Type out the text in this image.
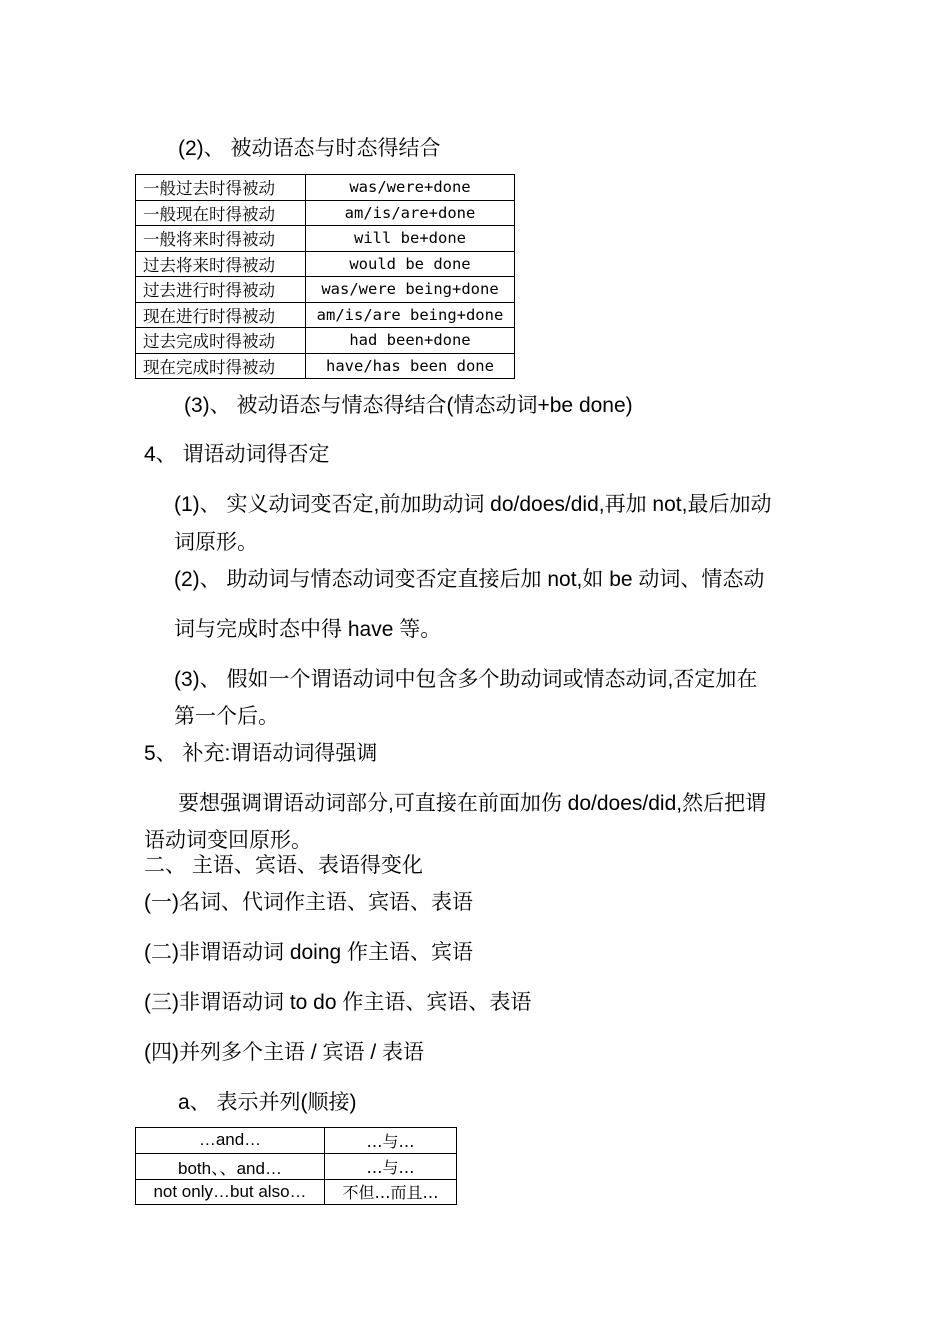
(2)、 被动语态与时态得结合
一般过去时得被动	was/were+done
一般现在时得被动	am/is/are+done
一般将来时得被动	will be+done
过去将来时得被动	would be done
过去进行时得被动	was/were being+done
现在进行时得被动	am/is/are being+done
过去完成时得被动	had been+done
现在完成时得被动	have/has been done
(3)、 被动语态与情态得结合(情态动词+be done)
4、 谓语动词得否定
(1)、 实义动词变否定,前加助动词 do/does/did,再加 not,最后加动
词原形。
(2)、 助动词与情态动词变否定直接后加 not,如 be 动词、情态动
词与完成时态中得 have 等。
(3)、 假如一个谓语动词中包含多个助动词或情态动词,否定加在
第一个后。
5、 补充:谓语动词得强调
要想强调谓语动词部分,可直接在前面加伤 do/does/did,然后把谓
语动词变回原形。
二、 主语、宾语、表语得变化
(一)名词、代词作主语、宾语、表语
(二)非谓语动词 doing 作主语、宾语
(三)非谓语动词 to do 作主语、宾语、表语
(四)并列多个主语 / 宾语 / 表语
a、 表示并列(顺接)
…and…	…与…
both、、and…	…与…
not only…but also…	不但…而且…
